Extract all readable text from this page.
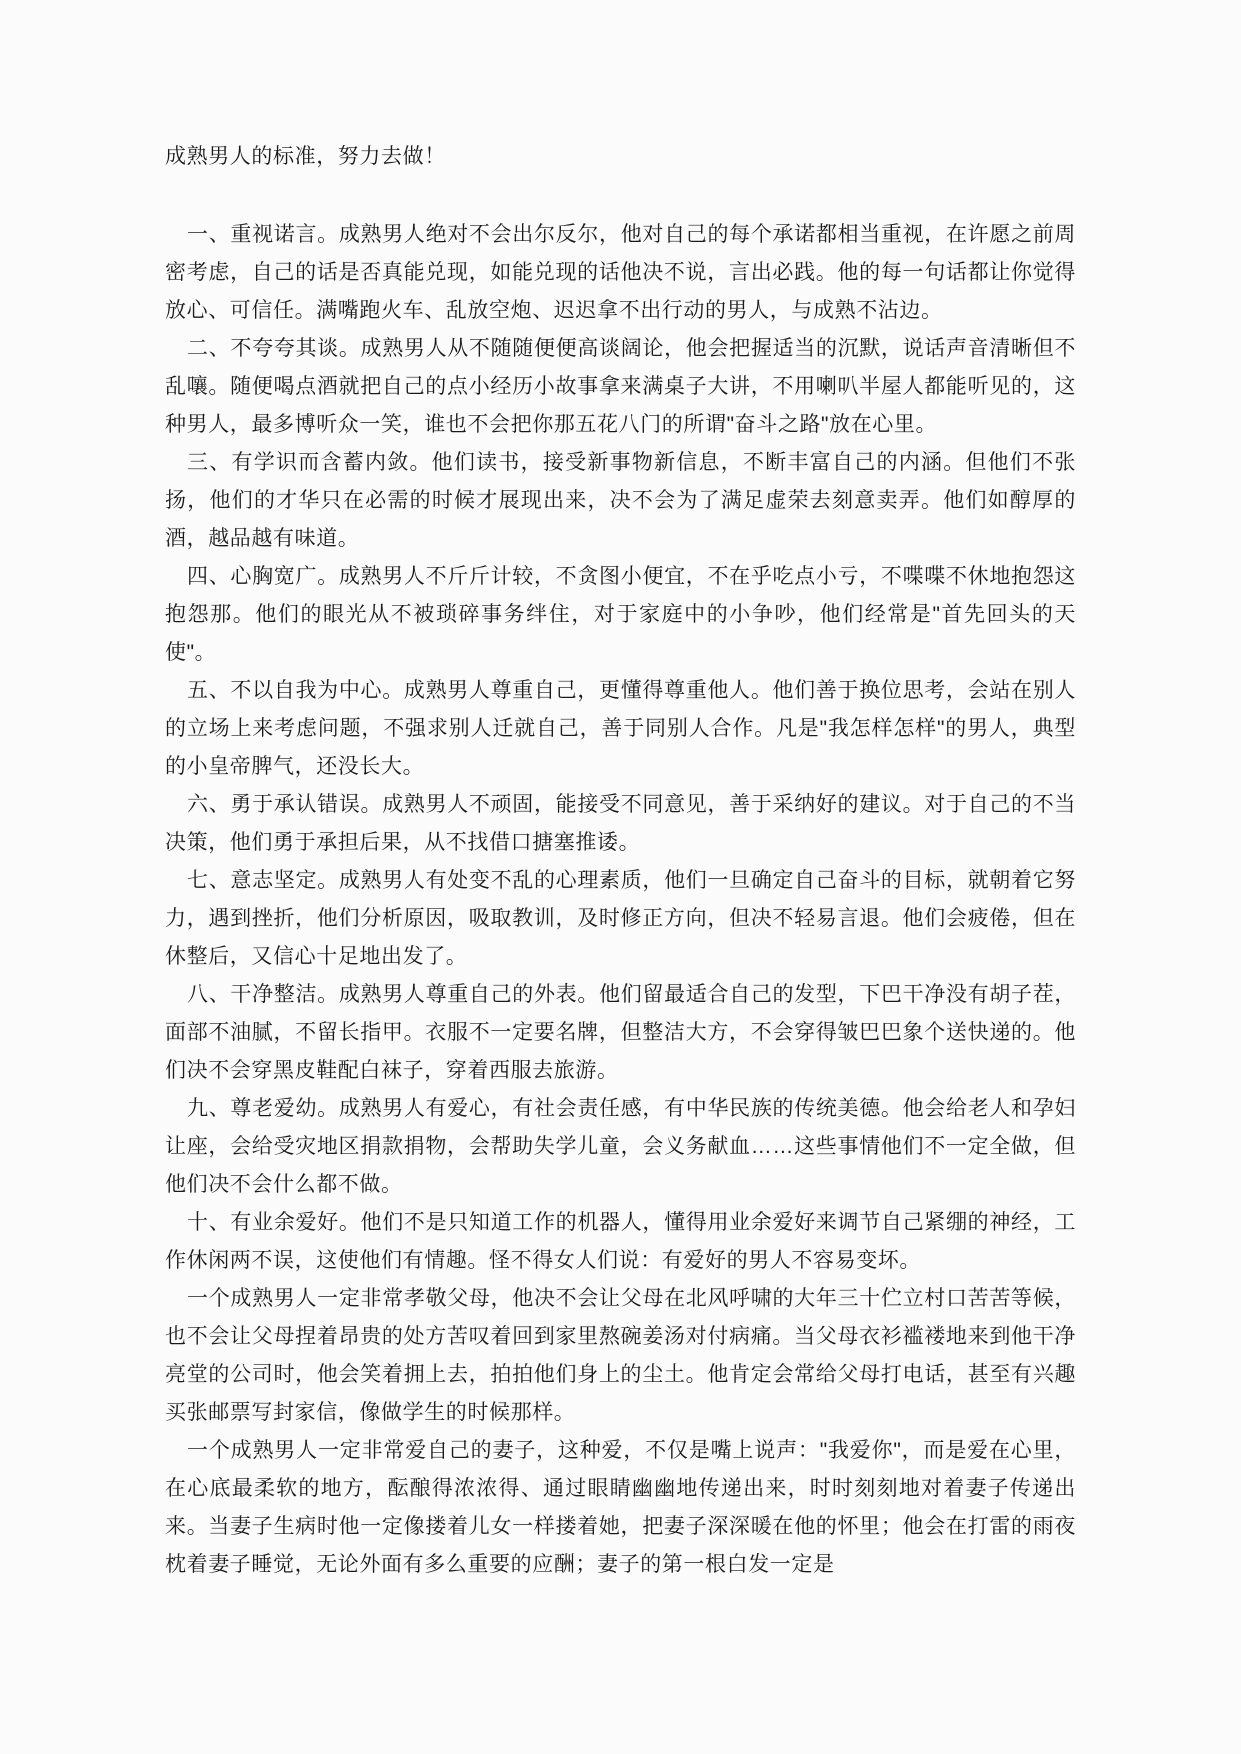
成熟男人的标准，努力去做！

一、重视诺言。成熟男人绝对不会出尔反尔，他对自己的每个承诺都相当重视，在许愿之前周密考虑，自己的话是否真能兑现，如能兑现的话他决不说，言出必践。他的每一句话都让你觉得放心、可信任。满嘴跑火车、乱放空炮、迟迟拿不出行动的男人，与成熟不沾边。

二、不夸夸其谈。成熟男人从不随随便便高谈阔论，他会把握适当的沉默，说话声音清晰但不乱嚷。随便喝点酒就把自己的点小经历小故事拿来满桌子大讲，不用喇叭半屋人都能听见的，这种男人，最多博听众一笑，谁也不会把你那五花八门的所谓"奋斗之路"放在心里。

三、有学识而含蓄内敛。他们读书，接受新事物新信息，不断丰富自己的内涵。但他们不张扬，他们的才华只在必需的时候才展现出来，决不会为了满足虚荣去刻意卖弄。他们如醇厚的酒，越品越有味道。

四、心胸宽广。成熟男人不斤斤计较，不贪图小便宜，不在乎吃点小亏，不喋喋不休地抱怨这抱怨那。他们的眼光从不被琐碎事务绊住，对于家庭中的小争吵，他们经常是"首先回头的天使"。

五、不以自我为中心。成熟男人尊重自己，更懂得尊重他人。他们善于换位思考，会站在别人的立场上来考虑问题，不强求别人迁就自己，善于同别人合作。凡是"我怎样怎样"的男人，典型的小皇帝脾气，还没长大。

六、勇于承认错误。成熟男人不顽固，能接受不同意见，善于采纳好的建议。对于自己的不当决策，他们勇于承担后果，从不找借口搪塞推诿。

七、意志坚定。成熟男人有处变不乱的心理素质，他们一旦确定自己奋斗的目标，就朝着它努力，遇到挫折，他们分析原因，吸取教训，及时修正方向，但决不轻易言退。他们会疲倦，但在休整后，又信心十足地出发了。

八、干净整洁。成熟男人尊重自己的外表。他们留最适合自己的发型，下巴干净没有胡子茬，面部不油腻，不留长指甲。衣服不一定要名牌，但整洁大方，不会穿得皱巴巴象个送快递的。他们决不会穿黑皮鞋配白袜子，穿着西服去旅游。

九、尊老爱幼。成熟男人有爱心，有社会责任感，有中华民族的传统美德。他会给老人和孕妇让座，会给受灾地区捐款捐物，会帮助失学儿童，会义务献血……这些事情他们不一定全做，但他们决不会什么都不做。

十、有业余爱好。他们不是只知道工作的机器人，懂得用业余爱好来调节自己紧绷的神经，工作休闲两不误，这使他们有情趣。怪不得女人们说：有爱好的男人不容易变坏。

一个成熟男人一定非常孝敬父母，他决不会让父母在北风呼啸的大年三十伫立村口苦苦等候，也不会让父母捏着昂贵的处方苦叹着回到家里熬碗姜汤对付病痛。当父母衣衫褴褛地来到他干净亮堂的公司时，他会笑着拥上去，拍拍他们身上的尘土。他肯定会常给父母打电话，甚至有兴趣买张邮票写封家信，像做学生的时候那样。

一个成熟男人一定非常爱自己的妻子，这种爱，不仅是嘴上说声："我爱你"，而是爱在心里，在心底最柔软的地方，酝酿得浓浓得、通过眼睛幽幽地传递出来，时时刻刻地对着妻子传递出来。当妻子生病时他一定像搂着儿女一样搂着她，把妻子深深暖在他的怀里；他会在打雷的雨夜枕着妻子睡觉，无论外面有多么重要的应酬；妻子的第一根白发一定是
